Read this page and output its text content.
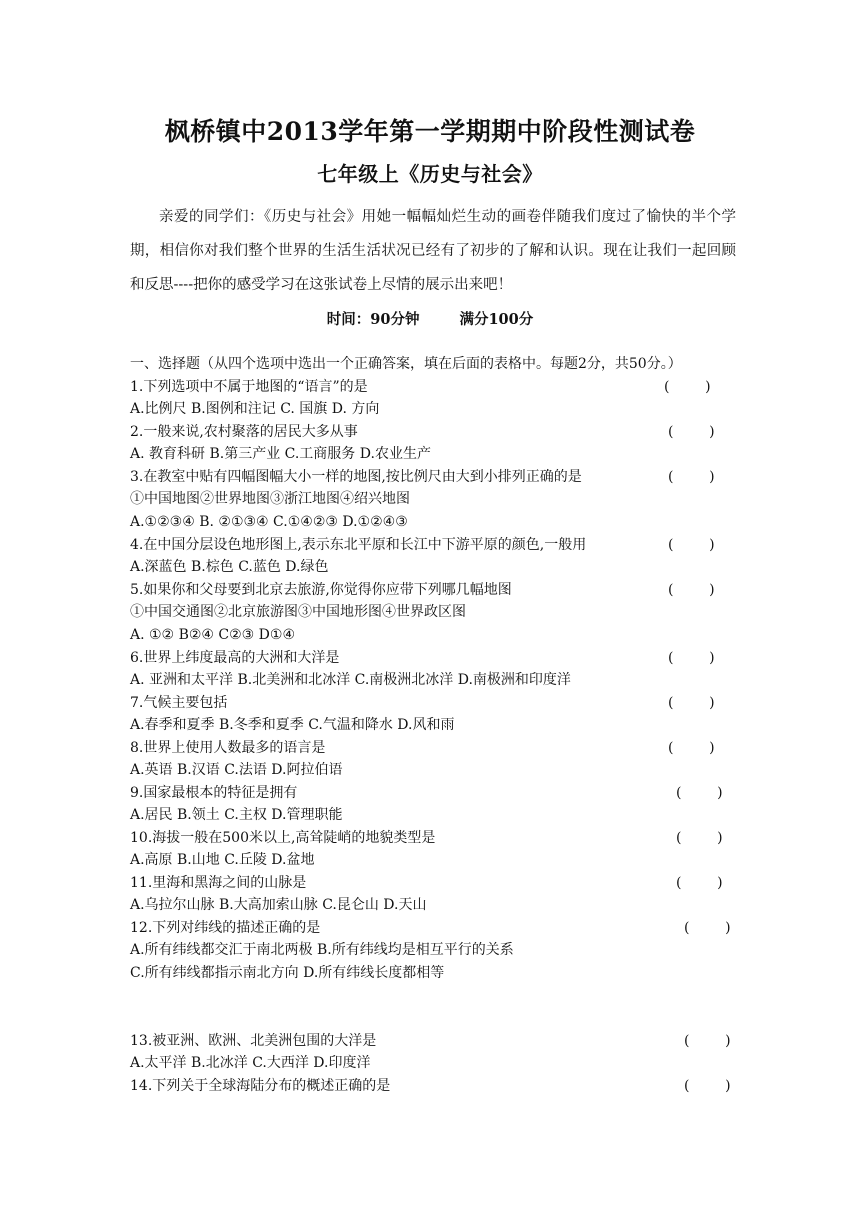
枫桥镇中2013学年第一学期期中阶段性测试卷
七年级上《历史与社会》
亲爱的同学们：《历史与社会》用她一幅幅灿烂生动的画卷伴随我们度过了愉快的半个学期，相信你对我们整个世界的生活生活状况已经有了初步的了解和认识。现在让我们一起回顾和反思----把你的感受学习在这张试卷上尽情的展示出来吧！
时间：90分钟	满分100分
一、选择题（从四个选项中选出一个正确答案，填在后面的表格中。每题2分，共50分。）
1.下列选项中不属于地图的“语言”的是	(        )
A.比例尺 B.图例和注记 C. 国旗 D. 方向
2.一般来说,农村聚落的居民大多从事	(        )
A. 教育科研 B.第三产业 C.工商服务 D.农业生产
3.在教室中贴有四幅图幅大小一样的地图,按比例尺由大到小排列正确的是	(        )
①中国地图②世界地图③浙江地图④绍兴地图
A.①②③④ B. ②①③④ C.①④②③ D.①②④③
4.在中国分层设色地形图上,表示东北平原和长江中下游平原的颜色,一般用	(        )
A.深蓝色 B.棕色 C.蓝色 D.绿色
5.如果你和父母要到北京去旅游,你觉得你应带下列哪几幅地图	(        )
①中国交通图②北京旅游图③中国地形图④世界政区图
A. ①② B②④ C②③ D①④
6.世界上纬度最高的大洲和大洋是	(        )
A. 亚洲和太平洋 B.北美洲和北冰洋 C.南极洲北冰洋 D.南极洲和印度洋
7.气候主要包括	(        )
A.春季和夏季 B.冬季和夏季 C.气温和降水 D.风和雨
8.世界上使用人数最多的语言是	(        )
A.英语 B.汉语 C.法语 D.阿拉伯语
9.国家最根本的特征是拥有	(        )
A.居民 B.领土 C.主权 D.管理职能
10.海拔一般在500米以上,高耸陡峭的地貌类型是	(        )
A.高原 B.山地 C.丘陵 D.盆地
11.里海和黑海之间的山脉是	(        )
A.乌拉尔山脉 B.大高加索山脉 C.昆仑山 D.天山
12.下列对纬线的描述正确的是	(        )
A.所有纬线都交汇于南北两极 B.所有纬线均是相互平行的关系
C.所有纬线都指示南北方向 D.所有纬线长度都相等
13.被亚洲、欧洲、北美洲包围的大洋是	(        )
A.太平洋 B.北冰洋 C.大西洋 D.印度洋
14.下列关于全球海陆分布的概述正确的是	(        )
